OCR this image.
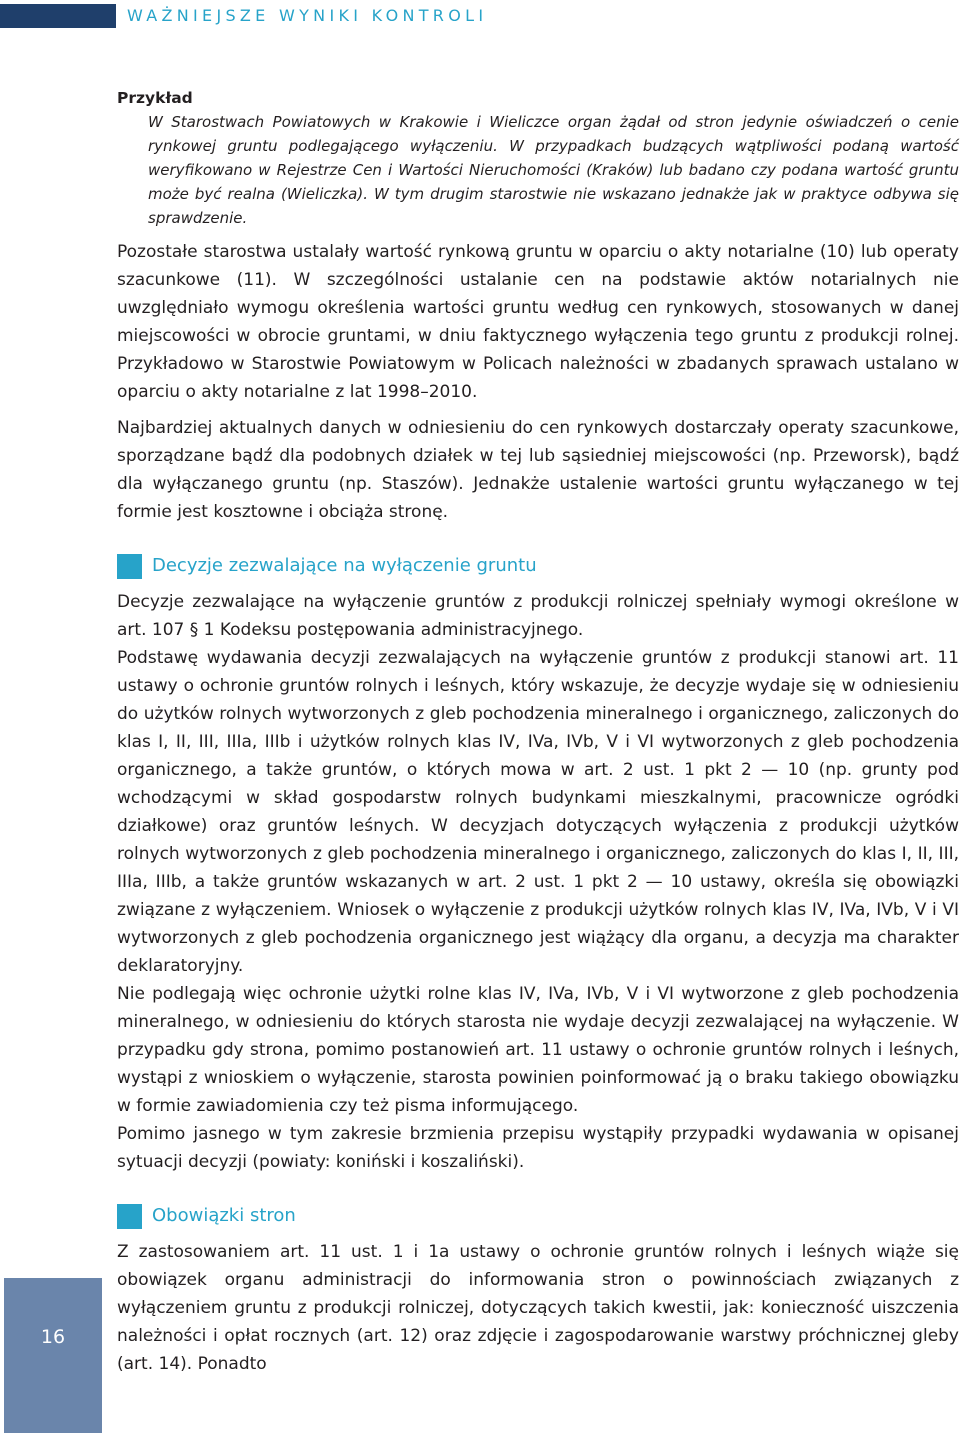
WAŻNIEJSZE WYNIKI KONTROLI
Przykład
W Starostwach Powiatowych w Krakowie i Wieliczce organ żądał od stron jedynie oświadczeń o cenie rynkowej gruntu podlegającego wyłączeniu. W przypadkach budzących wątpliwości podaną wartość weryfikowano w Rejestrze Cen i Wartości Nieruchomości (Kraków) lub badano czy podana wartość gruntu może być realna (Wieliczka). W tym drugim starostwie nie wskazano jednakże jak w praktyce odbywa się sprawdzenie.

Pozostałe starostwa ustalały wartość rynkową gruntu w oparciu o akty notarialne (10) lub operaty szacunkowe (11). W szczególności ustalanie cen na podstawie aktów notarialnych nie uwzględniało wymogu określenia wartości gruntu według cen rynkowych, stosowanych w danej miejscowości w obrocie gruntami, w dniu faktycznego wyłączenia tego gruntu z produkcji rolnej. Przykładowo w Starostwie Powiatowym w Policach należności w zbadanych sprawach ustalano w oparciu o akty notarialne z lat 1998–2010.

Najbardziej aktualnych danych w odniesieniu do cen rynkowych dostarczały operaty szacunkowe, sporządzane bądź dla podobnych działek w tej lub sąsiedniej miejscowości (np. Przeworsk), bądź dla wyłączanego gruntu (np. Staszów). Jednakże ustalenie wartości gruntu wyłączanego w tej formie jest kosztowne i obciąża stronę.

Decyzje zezwalające na wyłączenie gruntu

Decyzje zezwalające na wyłączenie gruntów z produkcji rolniczej spełniały wymogi określone w art. 107 § 1 Kodeksu postępowania administracyjnego.

Podstawę wydawania decyzji zezwalających na wyłączenie gruntów z produkcji stanowi art. 11 ustawy o ochronie gruntów rolnych i leśnych, który wskazuje, że decyzje wydaje się w odniesieniu do użytków rolnych wytworzonych z gleb pochodzenia mineralnego i organicznego, zaliczonych do klas I, II, III, IIIa, IIIb i użytków rolnych klas IV, IVa, IVb, V i VI wytworzonych z gleb pochodzenia organicznego, a także gruntów, o których mowa w art. 2 ust. 1 pkt 2 — 10 (np. grunty pod wchodzącymi w skład gospodarstw rolnych budynkami mieszkalnymi, pracownicze ogródki działkowe) oraz gruntów leśnych. W decyzjach dotyczących wyłączenia z produkcji użytków rolnych wytworzonych z gleb pochodzenia mineralnego i organicznego, zaliczonych do klas I, II, III, IIIa, IIIb, a także gruntów wskazanych w art. 2 ust. 1 pkt 2 — 10 ustawy, określa się obowiązki związane z wyłączeniem. Wniosek o wyłączenie z produkcji użytków rolnych klas IV, IVa, IVb, V i VI wytworzonych z gleb pochodzenia organicznego jest wiążący dla organu, a decyzja ma charakter deklaratoryjny.

Nie podlegają więc ochronie użytki rolne klas IV, IVa, IVb, V i VI wytworzone z gleb pochodzenia mineralnego, w odniesieniu do których starosta nie wydaje decyzji zezwalającej na wyłączenie. W przypadku gdy strona, pomimo postanowień art. 11 ustawy o ochronie gruntów rolnych i leśnych, wystąpi z wnioskiem o wyłączenie, starosta powinien poinformować ją o braku takiego obowiązku w formie zawiadomienia czy też pisma informującego.

Pomimo jasnego w tym zakresie brzmienia przepisu wystąpiły przypadki wydawania w opisanej sytuacji decyzji (powiaty: koniński i koszaliński).

Obowiązki stron

Z zastosowaniem art. 11 ust. 1 i 1a ustawy o ochronie gruntów rolnych i leśnych wiąże się obowiązek organu administracji do informowania stron o powinnościach związanych z wyłączeniem gruntu z produkcji rolniczej, dotyczących takich kwestii, jak: konieczność uiszczenia należności i opłat rocznych (art. 12) oraz zdjęcie i zagospodarowanie warstwy próchnicznej gleby (art. 14). Ponadto

16
